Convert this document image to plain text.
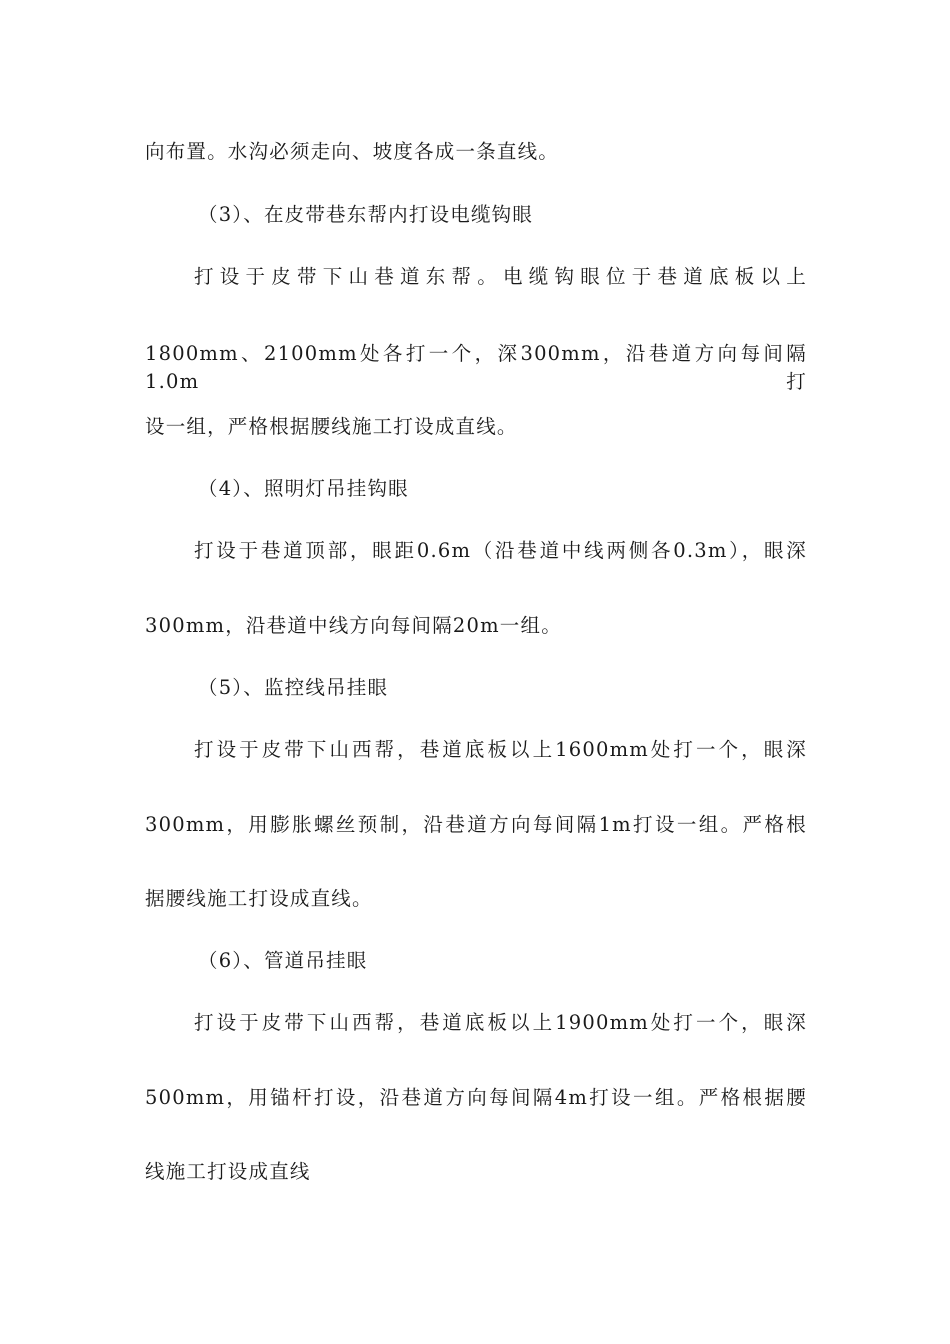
向布置。水沟必须走向、坡度各成一条直线。
（3）、在皮带巷东帮内打设电缆钩眼
打设于皮带下山巷道东帮。电缆钩眼位于巷道底板以上
1800mm、2100mm处各打一个，深300mm，沿巷道方向每间隔1.0m打
设一组，严格根据腰线施工打设成直线。
（4）、照明灯吊挂钩眼
打设于巷道顶部，眼距0.6m（沿巷道中线两侧各0.3m），眼深
300mm，沿巷道中线方向每间隔20m一组。
（5）、监控线吊挂眼
打设于皮带下山西帮，巷道底板以上1600mm处打一个，眼深
300mm，用膨胀螺丝预制，沿巷道方向每间隔1m打设一组。严格根
据腰线施工打设成直线。
（6）、管道吊挂眼
打设于皮带下山西帮，巷道底板以上1900mm处打一个，眼深
500mm，用锚杆打设，沿巷道方向每间隔4m打设一组。严格根据腰
线施工打设成直线
